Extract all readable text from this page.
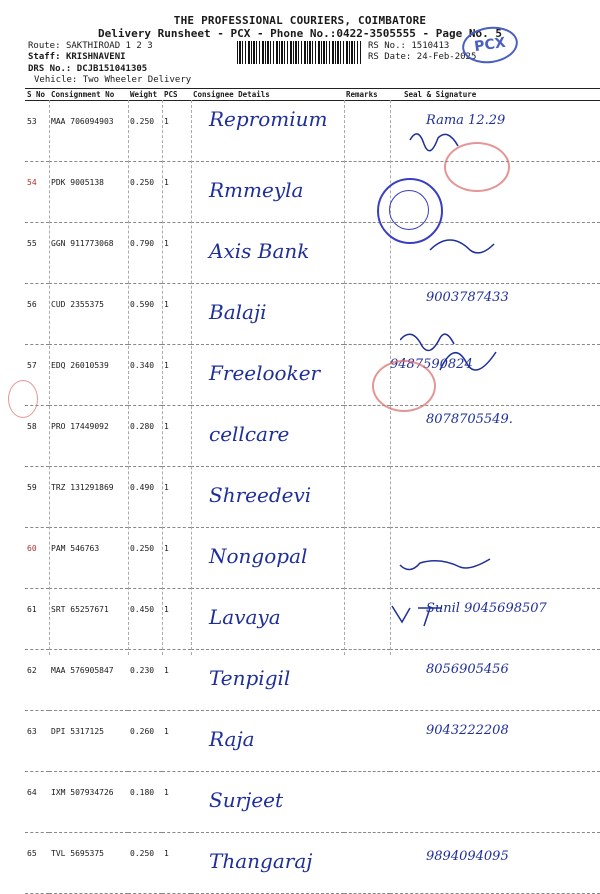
THE PROFESSIONAL COURIERS, COIMBATORE
Delivery Runsheet - PCX - Phone No.:0422-3505555 - Page No. 5
Route: SAKTHIROAD 1 2 3
Staff: KRISHNAVENI
DRS No.: DCJB151041305
Vehicle: Two Wheeler Delivery
RS No.: 1510413
RS Date: 24-Feb-2025
PCX
S No	Consignment No	Weight	PCS	Consignee Details	Remarks	Seal & Signature
53	MAA 706094903	0.250	1	Repromium		Rama 12.29

54	PDK 9005138	0.250	1	Rmmeyla		

55	GGN 911773068	0.790	1	Axis Bank		

56	CUD 2355375	0.590	1	Balaji		9003787433

57	EDQ 26010539	0.340	1	Freelooker		9487590824

58	PRO 17449092	0.280	1	cellcare		8078705549.

59	TRZ 131291869	0.490	1	Shreedevi		

60	PAM 546763	0.250	1	Nongopal		

61	SRT 65257671	0.450	1	Lavaya		Sunil 9045698507

62	MAA 576905847	0.230	1	Tenpigil		8056905456

63	DPI 5317125	0.260	1	Raja		9043222208

64	IXM 507934726	0.180	1	Surjeet		

65	TVL 5695375	0.250	1	Thangaraj		9894094095
